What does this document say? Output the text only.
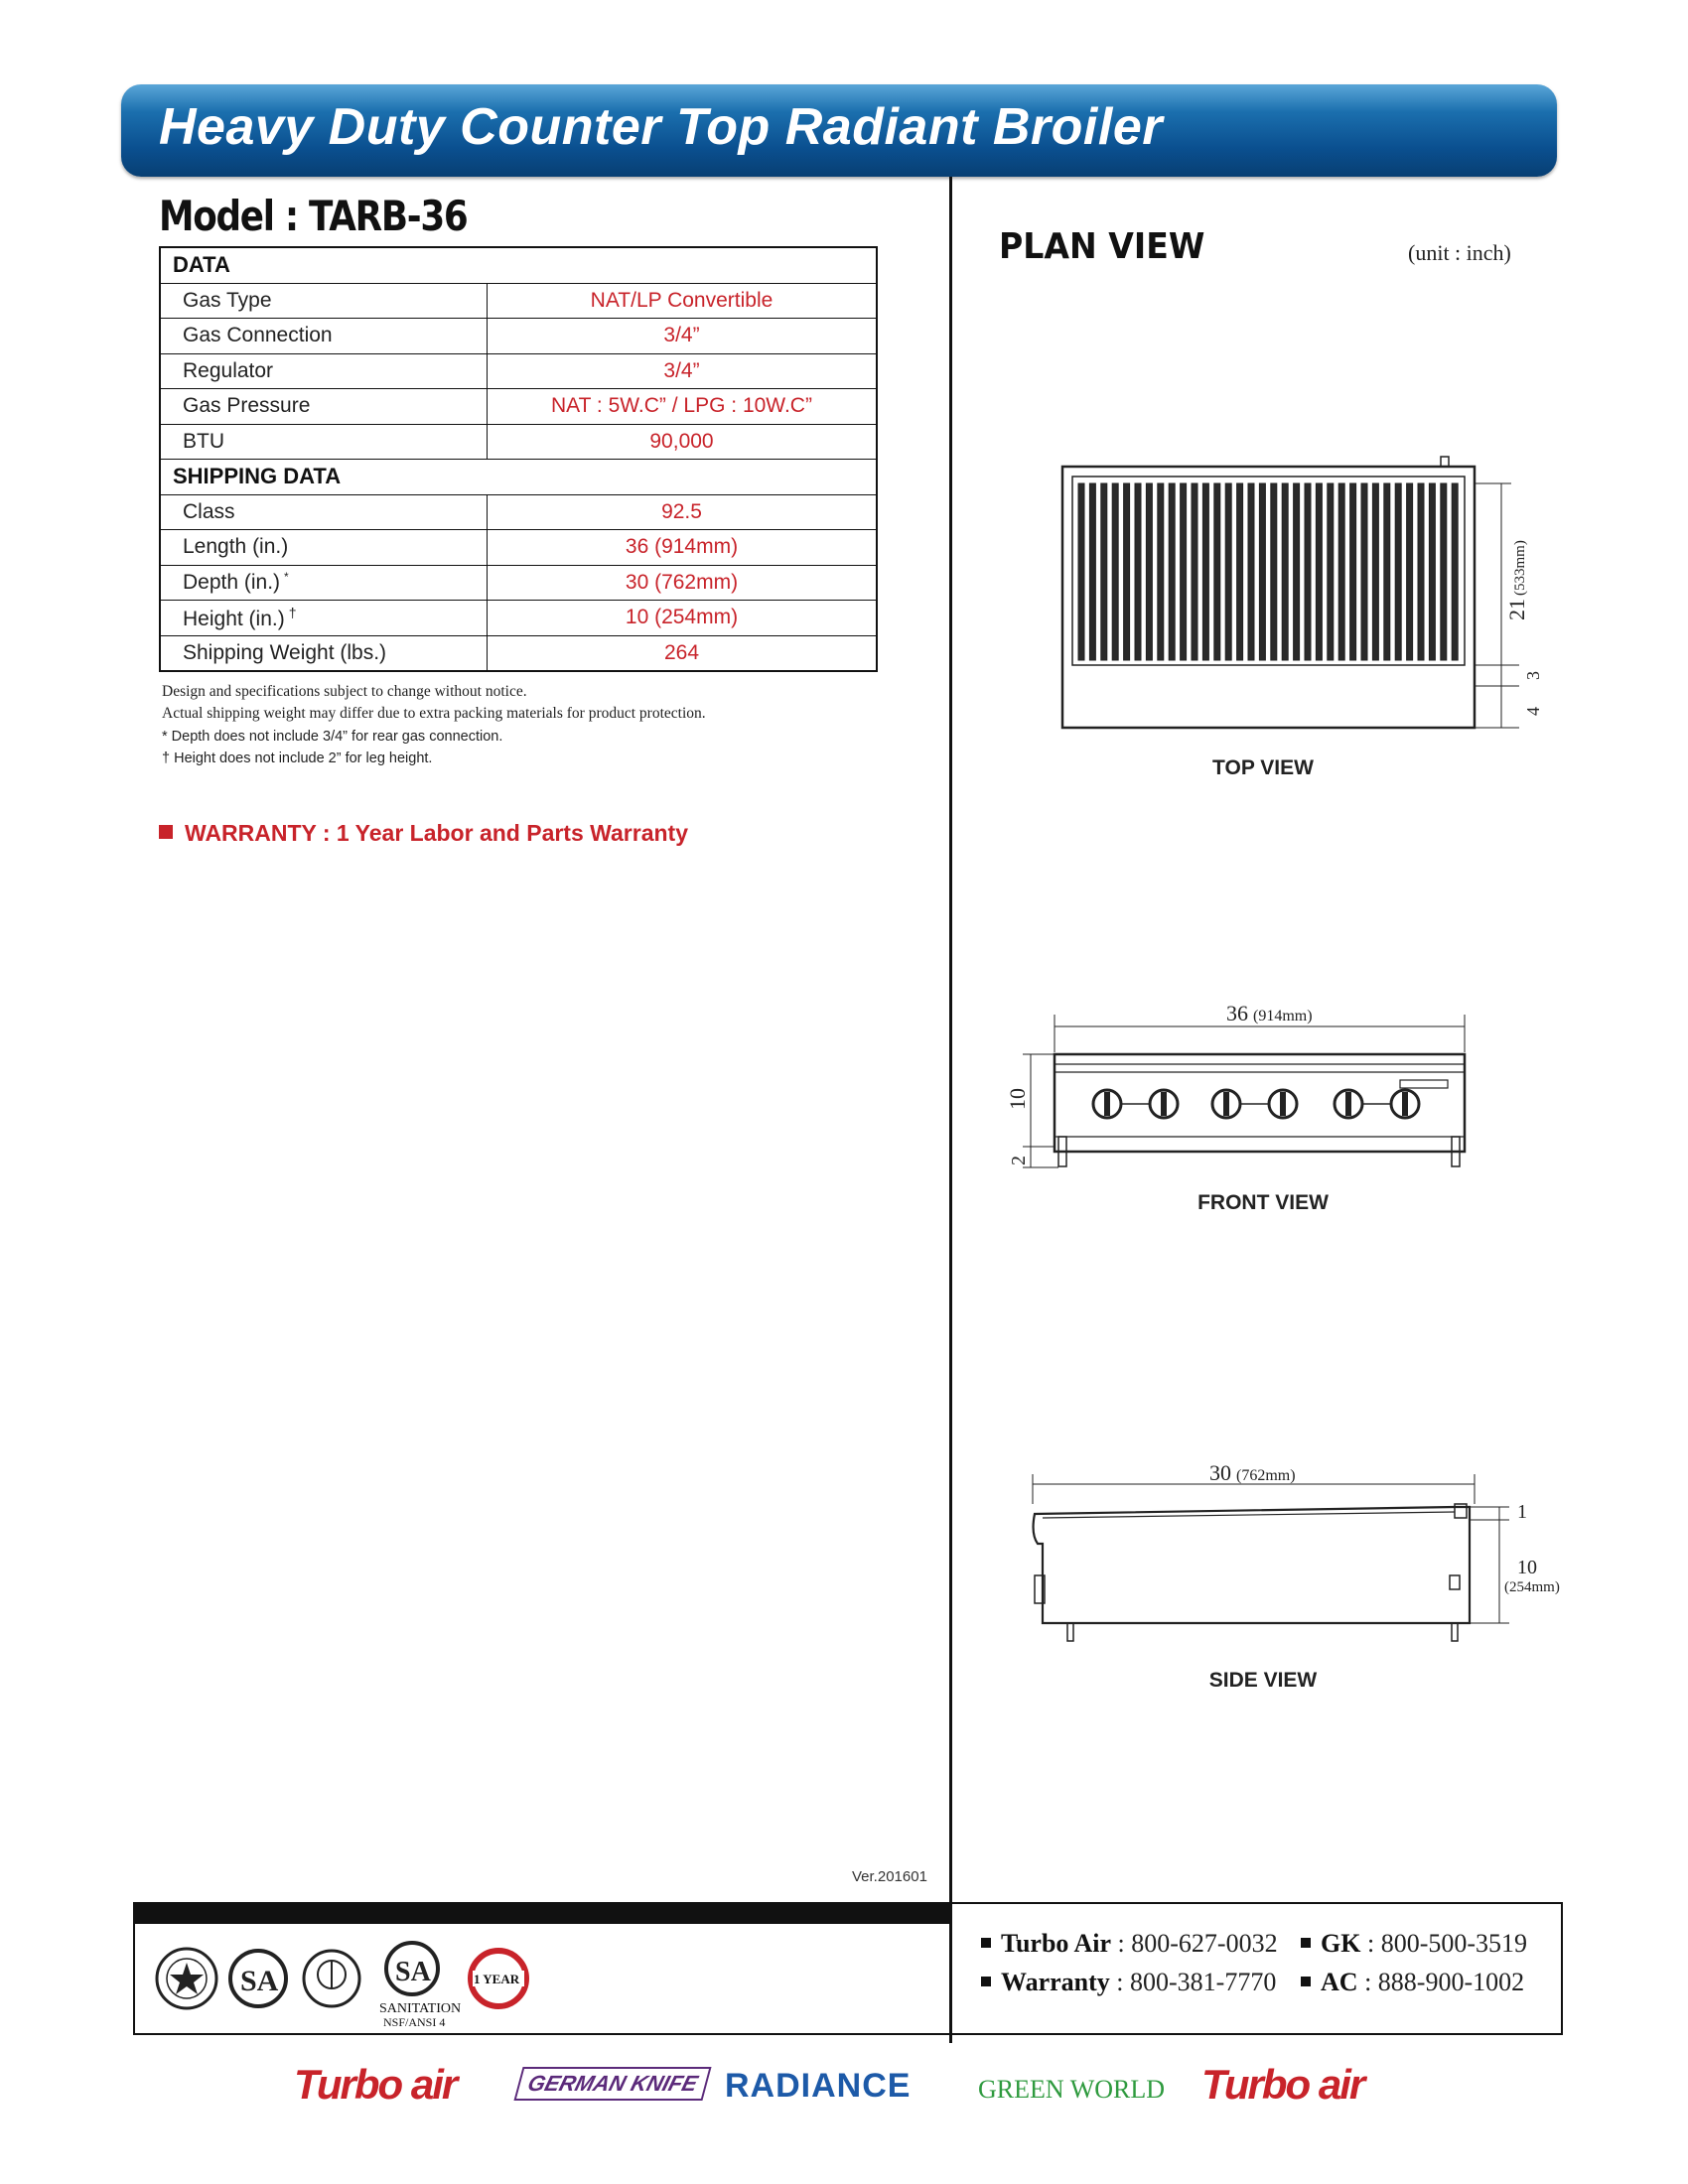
Heavy Duty Counter Top Radiant Broiler
Model : TARB-36
DATA	
Gas Type	NAT/LP Convertible
Gas Connection	3/4”
Regulator	3/4”
Gas Pressure	NAT : 5W.C” / LPG : 10W.C”
BTU	90,000
SHIPPING DATA	
Class	92.5
Length (in.)	36 (914mm)
Depth (in.) *	30 (762mm)
Height (in.) †	10 (254mm)
Shipping Weight (lbs.)	264
Design and specifications subject to change without notice.
Actual shipping weight may differ due to extra packing materials for product protection.
* Depth does not include 3/4” for rear gas connection.
† Height does not include 2” for leg height.
WARRANTY : 1 Year Labor and Parts Warranty
PLAN VIEW	(unit : inch)
21
(533mm)
3
4
TOP VIEW
36 (914mm)
10
2
FRONT VIEW
30 (762mm)
1
10
(254mm)
SIDE VIEW
Ver.201601
SA	SA
SANITATION
NSF/ANSI 4
1 YEAR
Turbo Air : 800-627-0032	GK : 800-500-3519
Warranty : 800-381-7770	AC : 888-900-1002
Turbo air	GERMAN KNIFE RADIANCE	GREEN WORLD Turbo air
